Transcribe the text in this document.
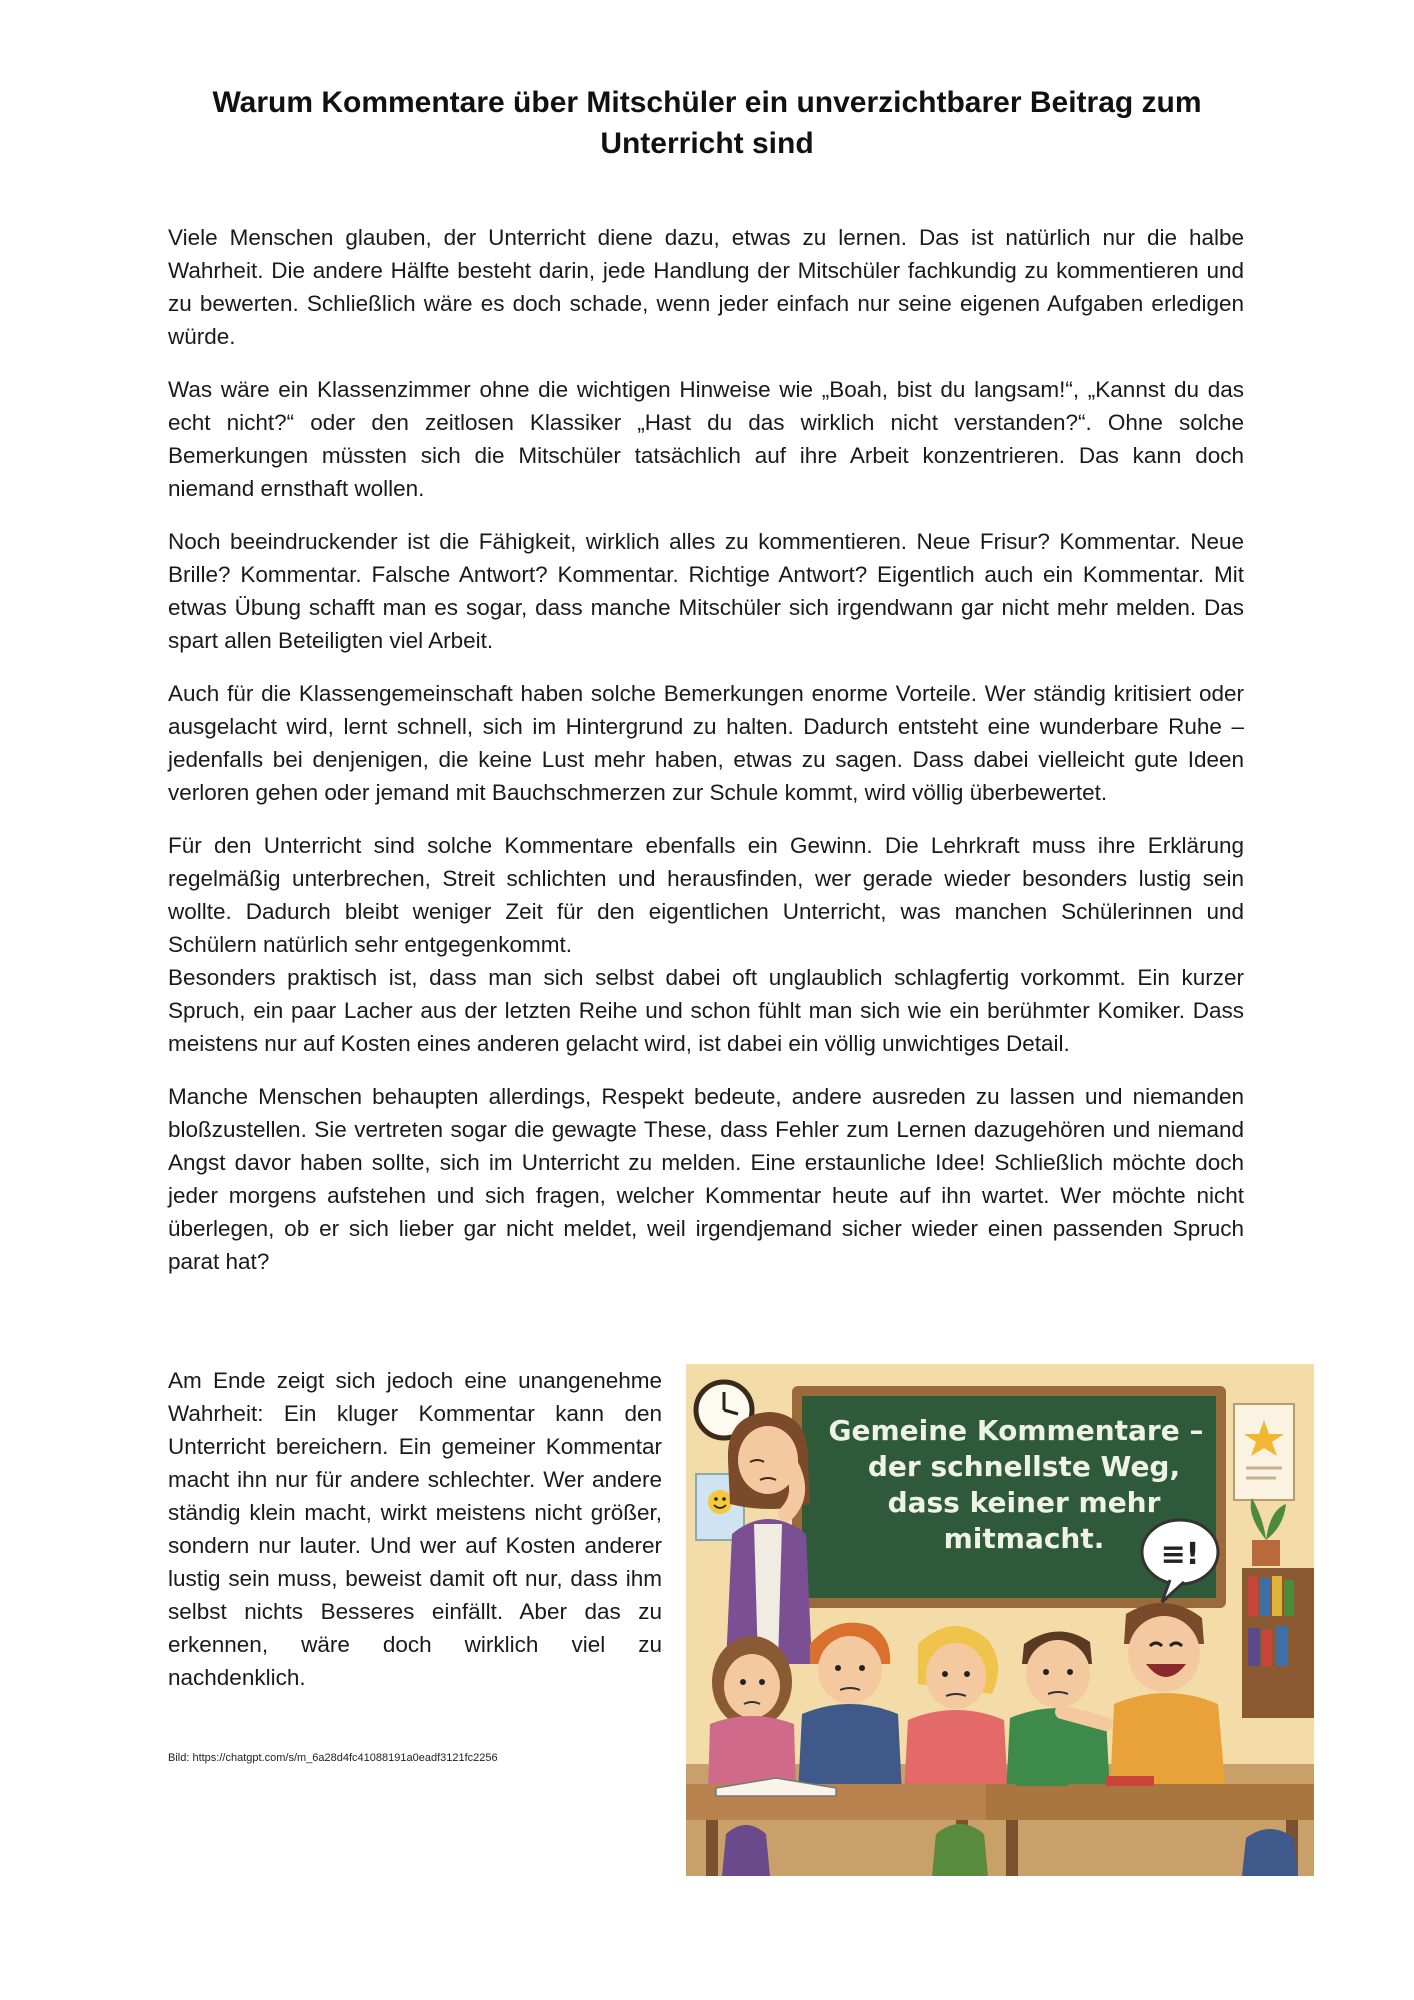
Warum Kommentare über Mitschüler ein unverzichtbarer Beitrag zum Unterricht sind

Viele Menschen glauben, der Unterricht diene dazu, etwas zu lernen. Das ist natürlich nur die halbe Wahrheit. Die andere Hälfte besteht darin, jede Handlung der Mitschüler fachkundig zu kommentieren und zu bewerten. Schließlich wäre es doch schade, wenn jeder einfach nur seine eigenen Aufgaben erledigen würde.

Was wäre ein Klassenzimmer ohne die wichtigen Hinweise wie „Boah, bist du langsam!“, „Kannst du das echt nicht?“ oder den zeitlosen Klassiker „Hast du das wirklich nicht verstanden?“. Ohne solche Bemerkungen müssten sich die Mitschüler tatsächlich auf ihre Arbeit konzentrieren. Das kann doch niemand ernsthaft wollen.

Noch beeindruckender ist die Fähigkeit, wirklich alles zu kommentieren. Neue Frisur? Kommentar. Neue Brille? Kommentar. Falsche Antwort? Kommentar. Richtige Antwort? Eigentlich auch ein Kommentar. Mit etwas Übung schafft man es sogar, dass manche Mitschüler sich irgendwann gar nicht mehr melden. Das spart allen Beteiligten viel Arbeit.

Auch für die Klassengemeinschaft haben solche Bemerkungen enorme Vorteile. Wer ständig kritisiert oder ausgelacht wird, lernt schnell, sich im Hintergrund zu halten. Dadurch entsteht eine wunderbare Ruhe – jedenfalls bei denjenigen, die keine Lust mehr haben, etwas zu sagen. Dass dabei vielleicht gute Ideen verloren gehen oder jemand mit Bauchschmerzen zur Schule kommt, wird völlig überbewertet.

Für den Unterricht sind solche Kommentare ebenfalls ein Gewinn. Die Lehrkraft muss ihre Erklärung regelmäßig unterbrechen, Streit schlichten und herausfinden, wer gerade wieder besonders lustig sein wollte. Dadurch bleibt weniger Zeit für den eigentlichen Unterricht, was manchen Schülerinnen und Schülern natürlich sehr entgegenkommt.

Besonders praktisch ist, dass man sich selbst dabei oft unglaublich schlagfertig vorkommt. Ein kurzer Spruch, ein paar Lacher aus der letzten Reihe und schon fühlt man sich wie ein berühmter Komiker. Dass meistens nur auf Kosten eines anderen gelacht wird, ist dabei ein völlig unwichtiges Detail.

Manche Menschen behaupten allerdings, Respekt bedeute, andere ausreden zu lassen und niemanden bloßzustellen. Sie vertreten sogar die gewagte These, dass Fehler zum Lernen dazugehören und niemand Angst davor haben sollte, sich im Unterricht zu melden. Eine erstaunliche Idee! Schließlich möchte doch jeder morgens aufstehen und sich fragen, welcher Kommentar heute auf ihn wartet. Wer möchte nicht überlegen, ob er sich lieber gar nicht meldet, weil irgendjemand sicher wieder einen passenden Spruch parat hat?

Am Ende zeigt sich jedoch eine unangenehme Wahrheit: Ein kluger Kommentar kann den Unterricht bereichern. Ein gemeiner Kommentar macht ihn nur für andere schlechter. Wer andere ständig klein macht, wirkt meistens nicht größer, sondern nur lauter. Und wer auf Kosten anderer lustig sein muss, beweist damit oft nur, dass ihm selbst nichts Besseres einfällt. Aber das zu erkennen, wäre doch wirklich viel zu nachdenklich.

Bild: https://chatgpt.com/s/m_6a28d4fc41088191a0eadf3121fc2256
Gemeine Kommentare –
der schnellste Weg,
dass keiner mehr
mitmacht. ≡!
